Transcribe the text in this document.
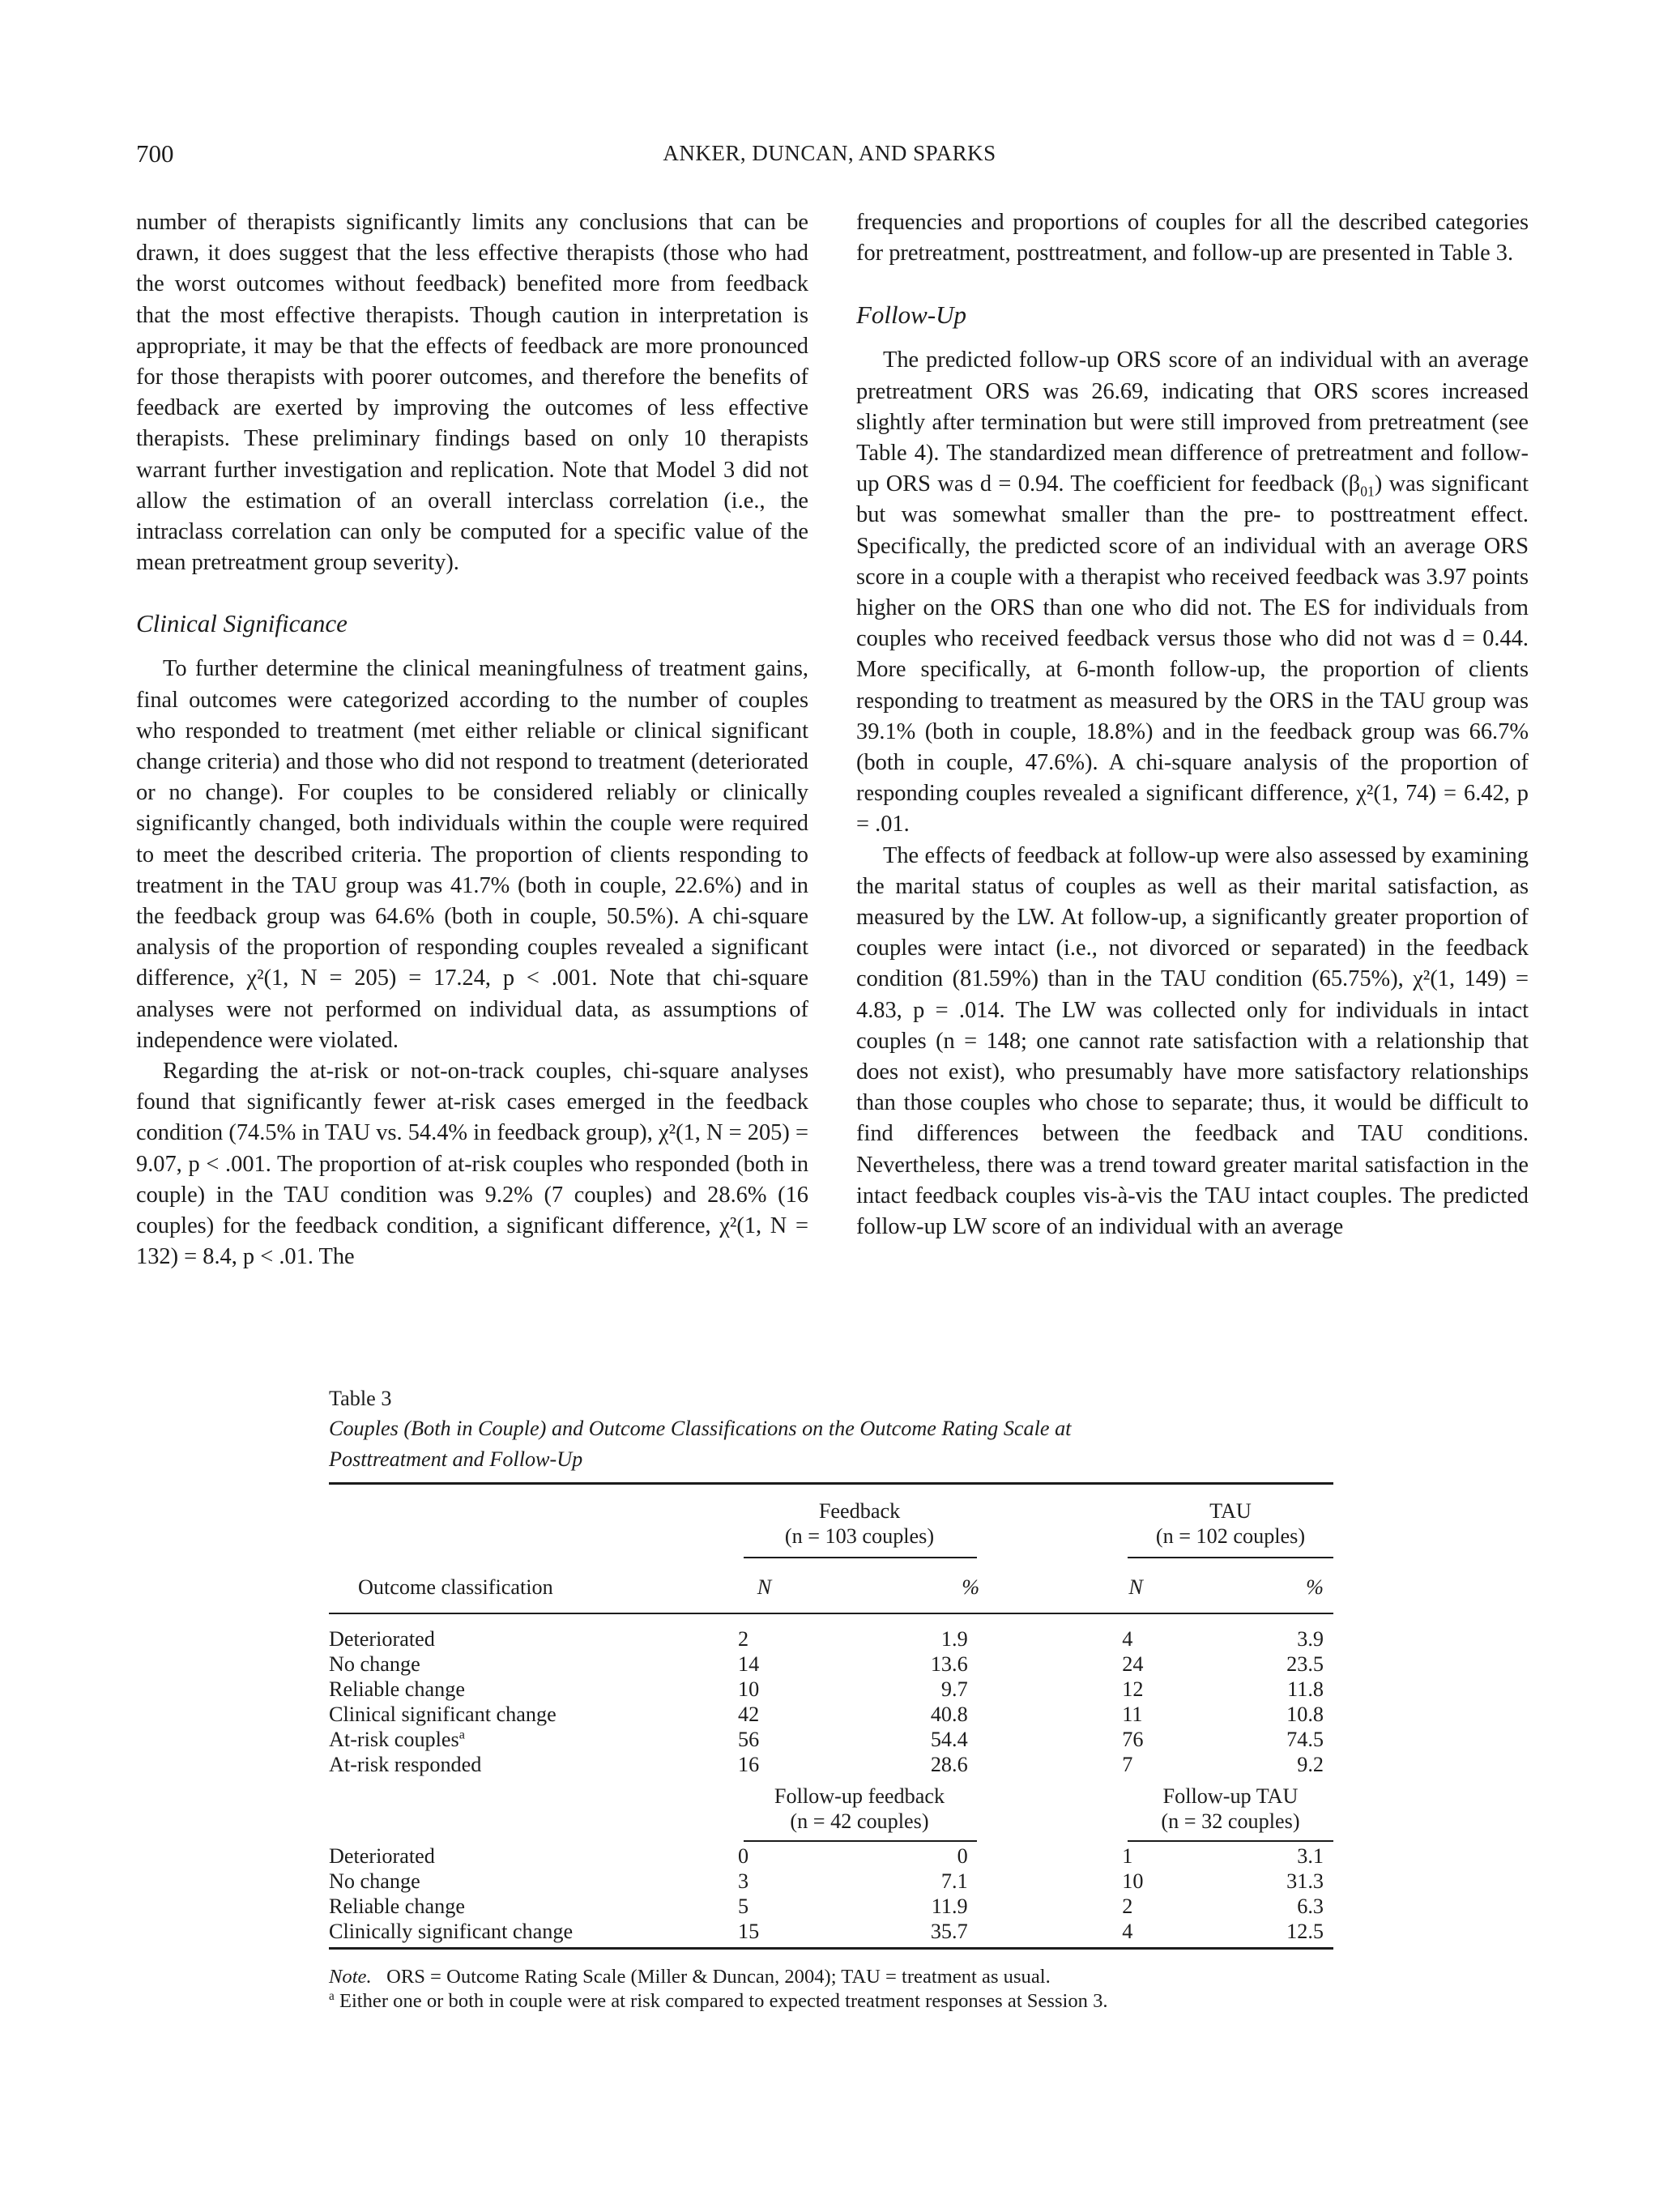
700	ANKER, DUNCAN, AND SPARKS

number of therapists significantly limits any conclusions that can be drawn, it does suggest that the less effective therapists (those who had the worst outcomes without feedback) benefited more from feedback that the most effective therapists. Though caution in interpretation is appropriate, it may be that the effects of feedback are more pronounced for those therapists with poorer outcomes, and therefore the benefits of feedback are exerted by improving the outcomes of less effective therapists. These preliminary findings based on only 10 therapists warrant further investigation and replication. Note that Model 3 did not allow the estimation of an overall interclass correlation (i.e., the intraclass correlation can only be computed for a specific value of the mean pretreatment group severity).

Clinical Significance

To further determine the clinical meaningfulness of treatment gains, final outcomes were categorized according to the number of couples who responded to treatment (met either reliable or clinical significant change criteria) and those who did not respond to treatment (deteriorated or no change). For couples to be considered reliably or clinically significantly changed, both individuals within the couple were required to meet the described criteria. The proportion of clients responding to treatment in the TAU group was 41.7% (both in couple, 22.6%) and in the feedback group was 64.6% (both in couple, 50.5%). A chi-square analysis of the proportion of responding couples revealed a significant difference, χ²(1, N = 205) = 17.24, p < .001. Note that chi-square analyses were not performed on individual data, as assumptions of independence were violated.

Regarding the at-risk or not-on-track couples, chi-square analyses found that significantly fewer at-risk cases emerged in the feedback condition (74.5% in TAU vs. 54.4% in feedback group), χ²(1, N = 205) = 9.07, p < .001. The proportion of at-risk couples who responded (both in couple) in the TAU condition was 9.2% (7 couples) and 28.6% (16 couples) for the feedback condition, a significant difference, χ²(1, N = 132) = 8.4, p < .01. The

frequencies and proportions of couples for all the described categories for pretreatment, posttreatment, and follow-up are presented in Table 3.

Follow-Up

The predicted follow-up ORS score of an individual with an average pretreatment ORS was 26.69, indicating that ORS scores increased slightly after termination but were still improved from pretreatment (see Table 4). The standardized mean difference of pretreatment and follow-up ORS was d = 0.94. The coefficient for feedback $(\beta_{01})$ was significant but was somewhat smaller than the pre- to posttreatment effect. Specifically, the predicted score of an individual with an average ORS score in a couple with a therapist who received feedback was 3.97 points higher on the ORS than one who did not. The ES for individuals from couples who received feedback versus those who did not was d = 0.44. More specifically, at 6-month follow-up, the proportion of clients responding to treatment as measured by the ORS in the TAU group was 39.1% (both in couple, 18.8%) and in the feedback group was 66.7% (both in couple, 47.6%). A chi-square analysis of the proportion of responding couples revealed a significant difference, χ²(1, 74) = 6.42, p = .01.

The effects of feedback at follow-up were also assessed by examining the marital status of couples as well as their marital satisfaction, as measured by the LW. At follow-up, a significantly greater proportion of couples were intact (i.e., not divorced or separated) in the feedback condition (81.59%) than in the TAU condition (65.75%), χ²(1, 149) = 4.83, p = .014. The LW was collected only for individuals in intact couples (n = 148; one cannot rate satisfaction with a relationship that does not exist), who presumably have more satisfactory relationships than those couples who chose to separate; thus, it would be difficult to find differences between the feedback and TAU conditions. Nevertheless, there was a trend toward greater marital satisfaction in the intact feedback couples vis-à-vis the TAU intact couples. The predicted follow-up LW score of an individual with an average

Table 3
Couples (Both in Couple) and Outcome Classifications on the Outcome Rating Scale at
Posttreatment and Follow-Up
Feedback
(n = 103 couples)
TAU
(n = 102 couples)
Outcome classification	N	%		N	%
Deteriorated	2	1.9		4	3.9
No change	14	13.6		24	23.5
Reliable change	10	9.7		12	11.8
Clinical significant change	42	40.8		11	10.8
At-risk couples$^a$	56	54.4		76	74.5
At-risk responded	16	28.6		7	9.2
Follow-up feedback
(n = 42 couples)
Follow-up TAU
(n = 32 couples)
Deteriorated	0	0		1	3.1
No change	3	7.1		10	31.3
Reliable change	5	11.9		2	6.3
Clinically significant change	15	35.7		4	12.5
Note. ORS = Outcome Rating Scale (Miller & Duncan, 2004); TAU = treatment as usual.
$^a$ Either one or both in couple were at risk compared to expected treatment responses at Session 3.
